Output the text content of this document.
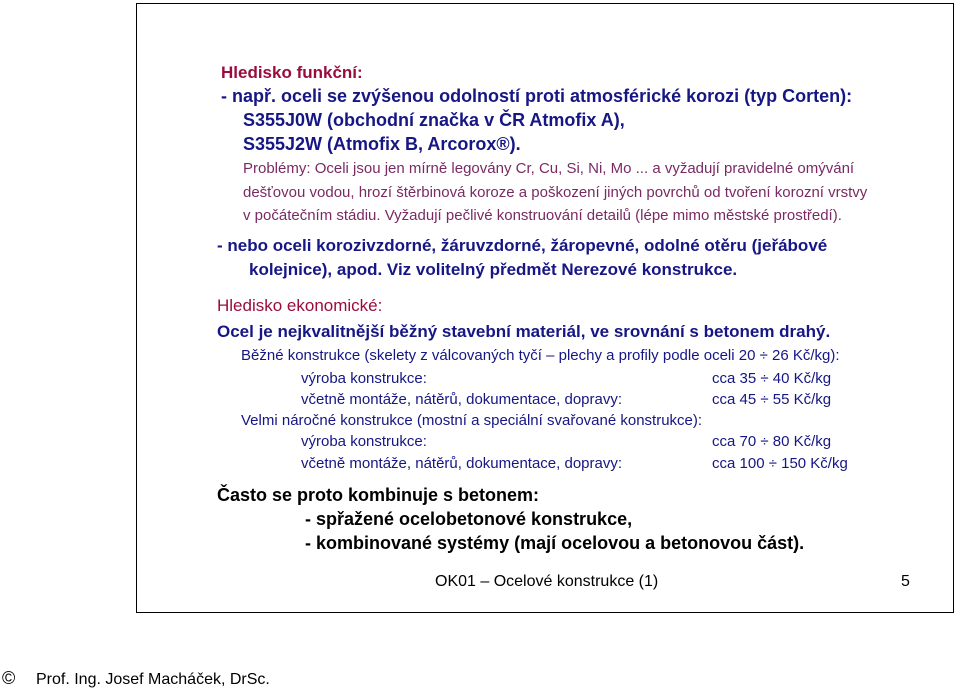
Hledisko funkční:
- např. oceli se zvýšenou odolností proti atmosférické korozi (typ Corten):
S355J0W (obchodní značka v ČR Atmofix A),
S355J2W (Atmofix B, Arcorox®).
Problémy: Oceli jsou jen mírně legovány Cr, Cu, Si, Ni, Mo ... a vyžadují pravidelné omývání
dešťovou vodou, hrozí štěrbinová koroze a poškození jiných povrchů od tvoření korozní vrstvy
v počátečním stádiu. Vyžadují pečlivé konstruování detailů (lépe mimo městské prostředí).
- nebo oceli korozivzdorné, žáruvzdorné, žáropevné, odolné otěru (jeřábové
kolejnice), apod. Viz volitelný předmět Nerezové konstrukce.
Hledisko ekonomické:
Ocel je nejkvalitnější běžný stavební materiál, ve srovnání s betonem drahý.
Běžné konstrukce (skelety z válcovaných tyčí – plechy a profily podle oceli 20 ÷ 26 Kč/kg):
výroba konstrukce:	cca 35 ÷ 40 Kč/kg
včetně montáže, nátěrů, dokumentace, dopravy:	cca 45 ÷ 55 Kč/kg
Velmi náročné konstrukce (mostní a speciální svařované konstrukce):
výroba konstrukce:	cca 70 ÷ 80 Kč/kg
včetně montáže, nátěrů, dokumentace, dopravy:	cca 100 ÷ 150 Kč/kg
Často se proto kombinuje s betonem:
- spřažené ocelobetonové konstrukce,
- kombinované systémy (mají ocelovou a betonovou část).
OK01 – Ocelové konstrukce (1)	5
© Prof. Ing. Josef Macháček, DrSc.
